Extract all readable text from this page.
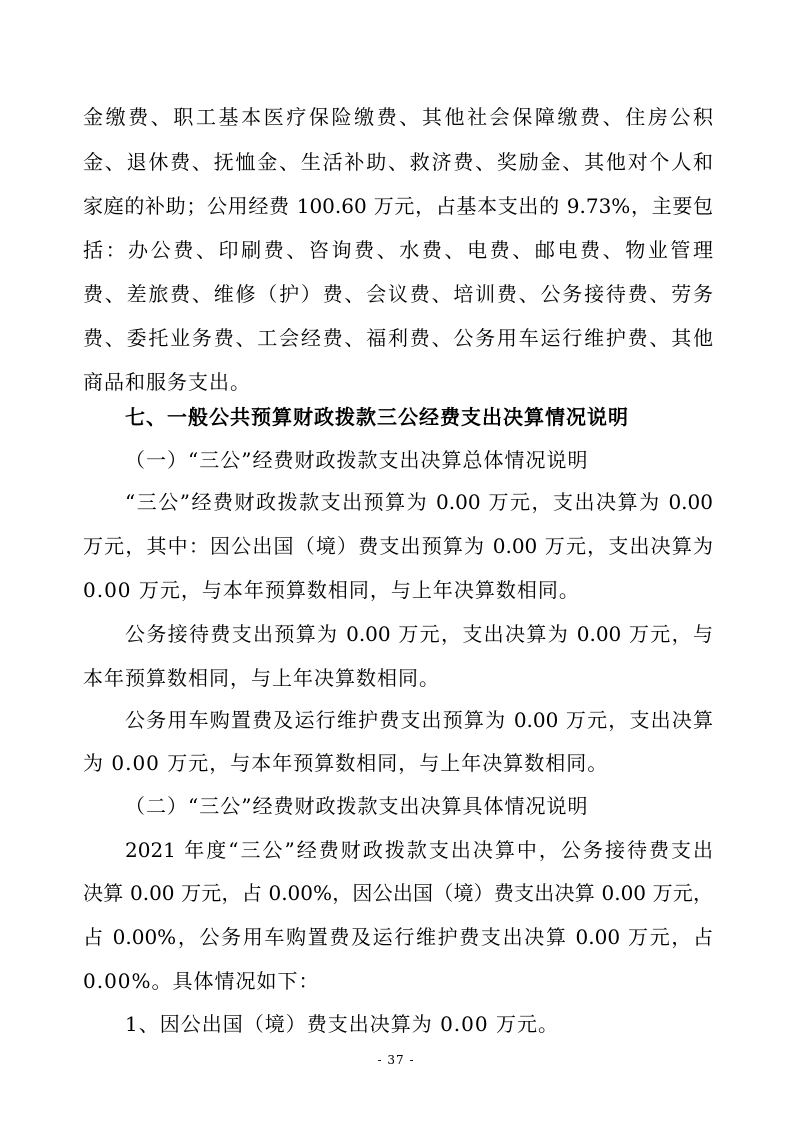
金缴费、职工基本医疗保险缴费、其他社会保障缴费、住房公积
金、退休费、抚恤金、生活补助、救济费、奖励金、其他对个人和
家庭的补助；公用经费 100.60 万元，占基本支出的 9.73%，主要包
括：办公费、印刷费、咨询费、水费、电费、邮电费、物业管理
费、差旅费、维修（护）费、会议费、培训费、公务接待费、劳务
费、委托业务费、工会经费、福利费、公务用车运行维护费、其他
商品和服务支出。
七、一般公共预算财政拨款三公经费支出决算情况说明
（一）“三公”经费财政拨款支出决算总体情况说明
“三公”经费财政拨款支出预算为 0.00 万元，支出决算为 0.00
万元，其中：因公出国（境）费支出预算为 0.00 万元，支出决算为
0.00 万元，与本年预算数相同，与上年决算数相同。
公务接待费支出预算为 0.00 万元，支出决算为 0.00 万元，与
本年预算数相同，与上年决算数相同。
公务用车购置费及运行维护费支出预算为 0.00 万元，支出决算
为 0.00 万元，与本年预算数相同，与上年决算数相同。
（二）“三公”经费财政拨款支出决算具体情况说明
2021 年度“三公”经费财政拨款支出决算中，公务接待费支出
决算 0.00 万元，占 0.00%，因公出国（境）费支出决算 0.00 万元，
占 0.00%，公务用车购置费及运行维护费支出决算 0.00 万元，占
0.00%。具体情况如下：
1、因公出国（境）费支出决算为 0.00 万元。
- 37 -
